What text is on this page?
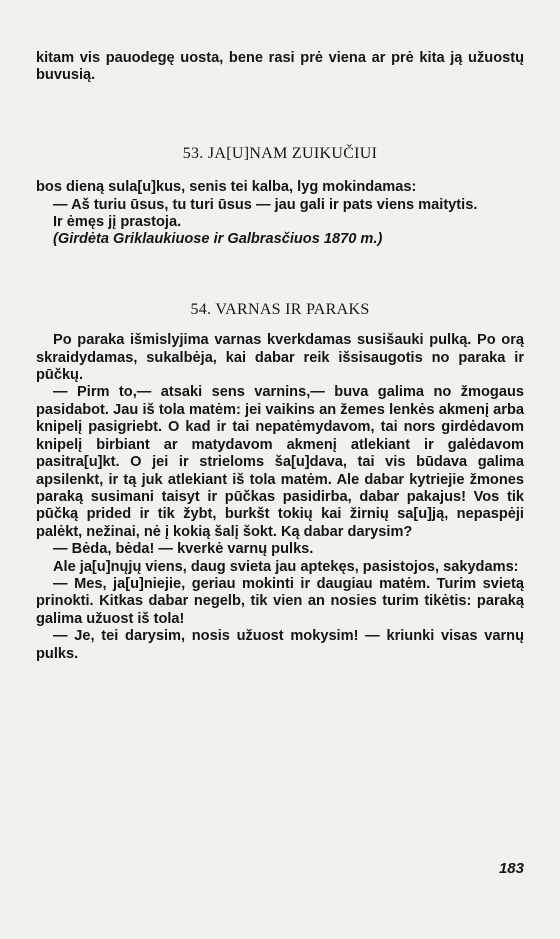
kitam vis pauodegę uosta, bene rasi prė viena ar prė kita ją užuostų buvusią.

53. JA[U]NAM ZUIKUČIUI

bos dieną sula[u]kus, senis tei kalba, lyg mokindamas:

— Aš turiu ūsus, tu turi ūsus — jau gali ir pats viens maitytis.

Ir ėmęs jį prastoja.

(Girdėta Griklaukiuose ir Galbrasčiuos 1870 m.)

54. VARNAS IR PARAKS

Po paraka išmislyjima varnas kverkdamas susišauki pulką. Po orą skraidydamas, sukalbėja, kai dabar reik išsisaugotis no paraka ir pūčkų.

— Pirm to,— atsaki sens varnins,— buva galima no žmogaus pasidabot. Jau iš tola matėm: jei vaikins an žemes lenkės akmenį arba knipelį pasigriebt. O kad ir tai nepatėmydavom, tai nors girdėdavom knipelį birbiant ar matydavom akmenį atlekiant ir galėdavom pasitra[u]kt. O jei ir strieloms ša[u]dava, tai vis būdava galima apsilenkt, ir tą juk atlekiant iš tola matėm. Ale dabar kytriejie žmones paraką susimani taisyt ir pūčkas pasidirba, dabar pakajus! Vos tik pūčką prided ir tik žybt, burkšt tokių kai žirnių sa[u]ją, nepaspėji palėkt, nežinai, nė į kokią šalį šokt. Ką dabar darysim?

— Bėda, bėda! — kverkė varnų pulks.

Ale ja[u]nųjų viens, daug svieta jau aptekęs, pasistojos, sakydams:

— Mes, ja[u]niejie, geriau mokinti ir daugiau matėm. Turim svietą prinokti. Kitkas dabar negelb, tik vien an nosies turim tikėtis: paraką galima užuost iš tola!

— Je, tei darysim, nosis užuost mokysim! — kriunki visas varnų pulks.

183
